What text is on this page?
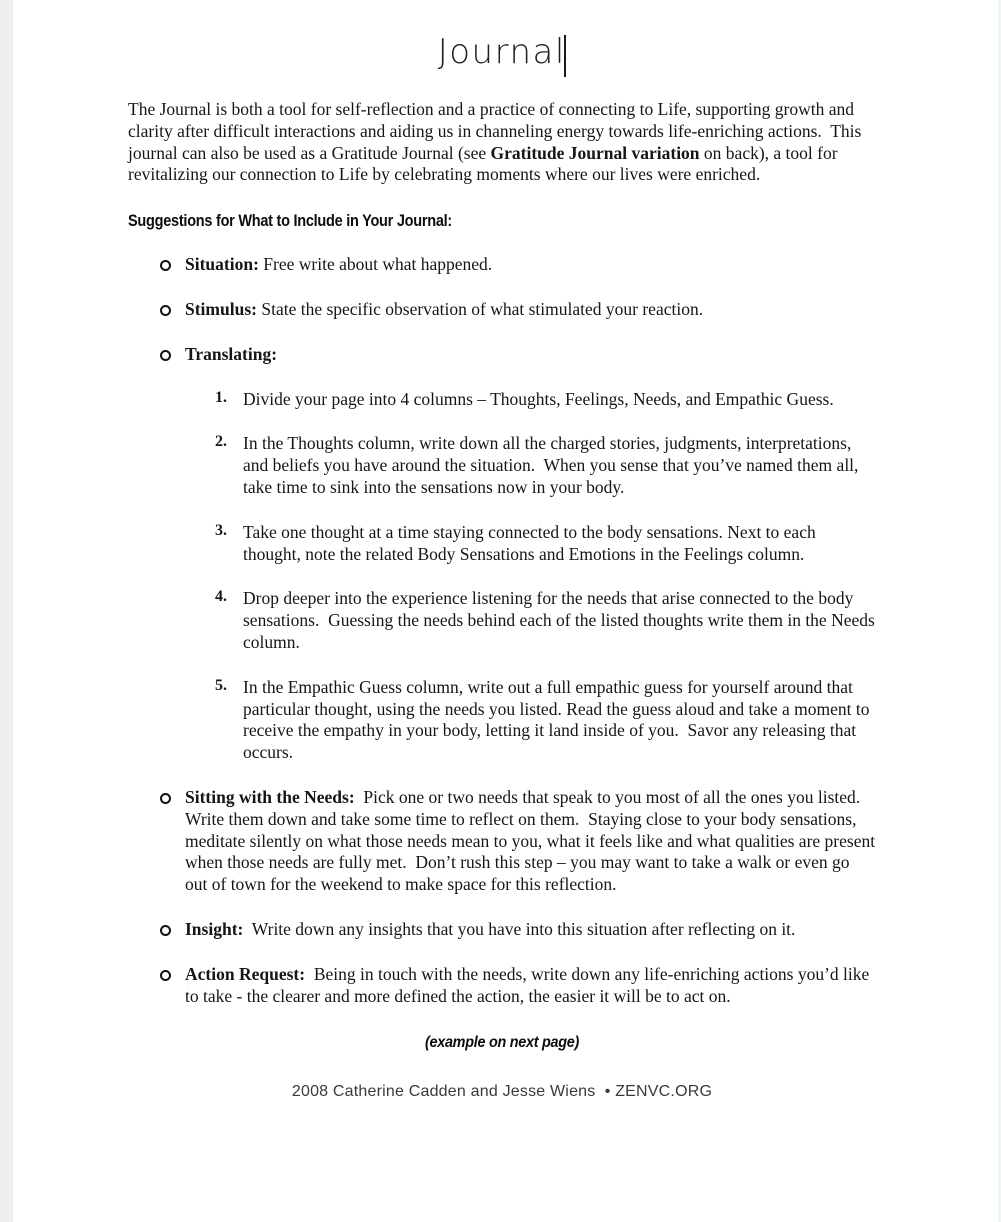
Journal

The Journal is both a tool for self-reflection and a practice of connecting to Life, supporting growth and clarity after difficult interactions and aiding us in channeling energy towards life-enriching actions.  This journal can also be used as a Gratitude Journal (see Gratitude Journal variation on back), a tool for revitalizing our connection to Life by celebrating moments where our lives were enriched.

Suggestions for What to Include in Your Journal:
Situation: Free write about what happened.
Stimulus: State the specific observation of what stimulated your reaction.
Translating:
1. Divide your page into 4 columns – Thoughts, Feelings, Needs, and Empathic Guess.
2. In the Thoughts column, write down all the charged stories, judgments, interpretations, and beliefs you have around the situation.  When you sense that you’ve named them all, take time to sink into the sensations now in your body.
3. Take one thought at a time staying connected to the body sensations. Next to each thought, note the related Body Sensations and Emotions in the Feelings column.
4. Drop deeper into the experience listening for the needs that arise connected to the body sensations.  Guessing the needs behind each of the listed thoughts write them in the Needs column.
5. In the Empathic Guess column, write out a full empathic guess for yourself around that particular thought, using the needs you listed. Read the guess aloud and take a moment to receive the empathy in your body, letting it land inside of you.  Savor any releasing that occurs.
Sitting with the Needs:  Pick one or two needs that speak to you most of all the ones you listed.  Write them down and take some time to reflect on them.  Staying close to your body sensations, meditate silently on what those needs mean to you, what it feels like and what qualities are present when those needs are fully met.  Don’t rush this step – you may want to take a walk or even go out of town for the weekend to make space for this reflection.
Insight:  Write down any insights that you have into this situation after reflecting on it.
Action Request:  Being in touch with the needs, write down any life-enriching actions you’d like to take - the clearer and more defined the action, the easier it will be to act on.

(example on next page)

2008 Catherine Cadden and Jesse Wiens  • ZENVC.ORG
